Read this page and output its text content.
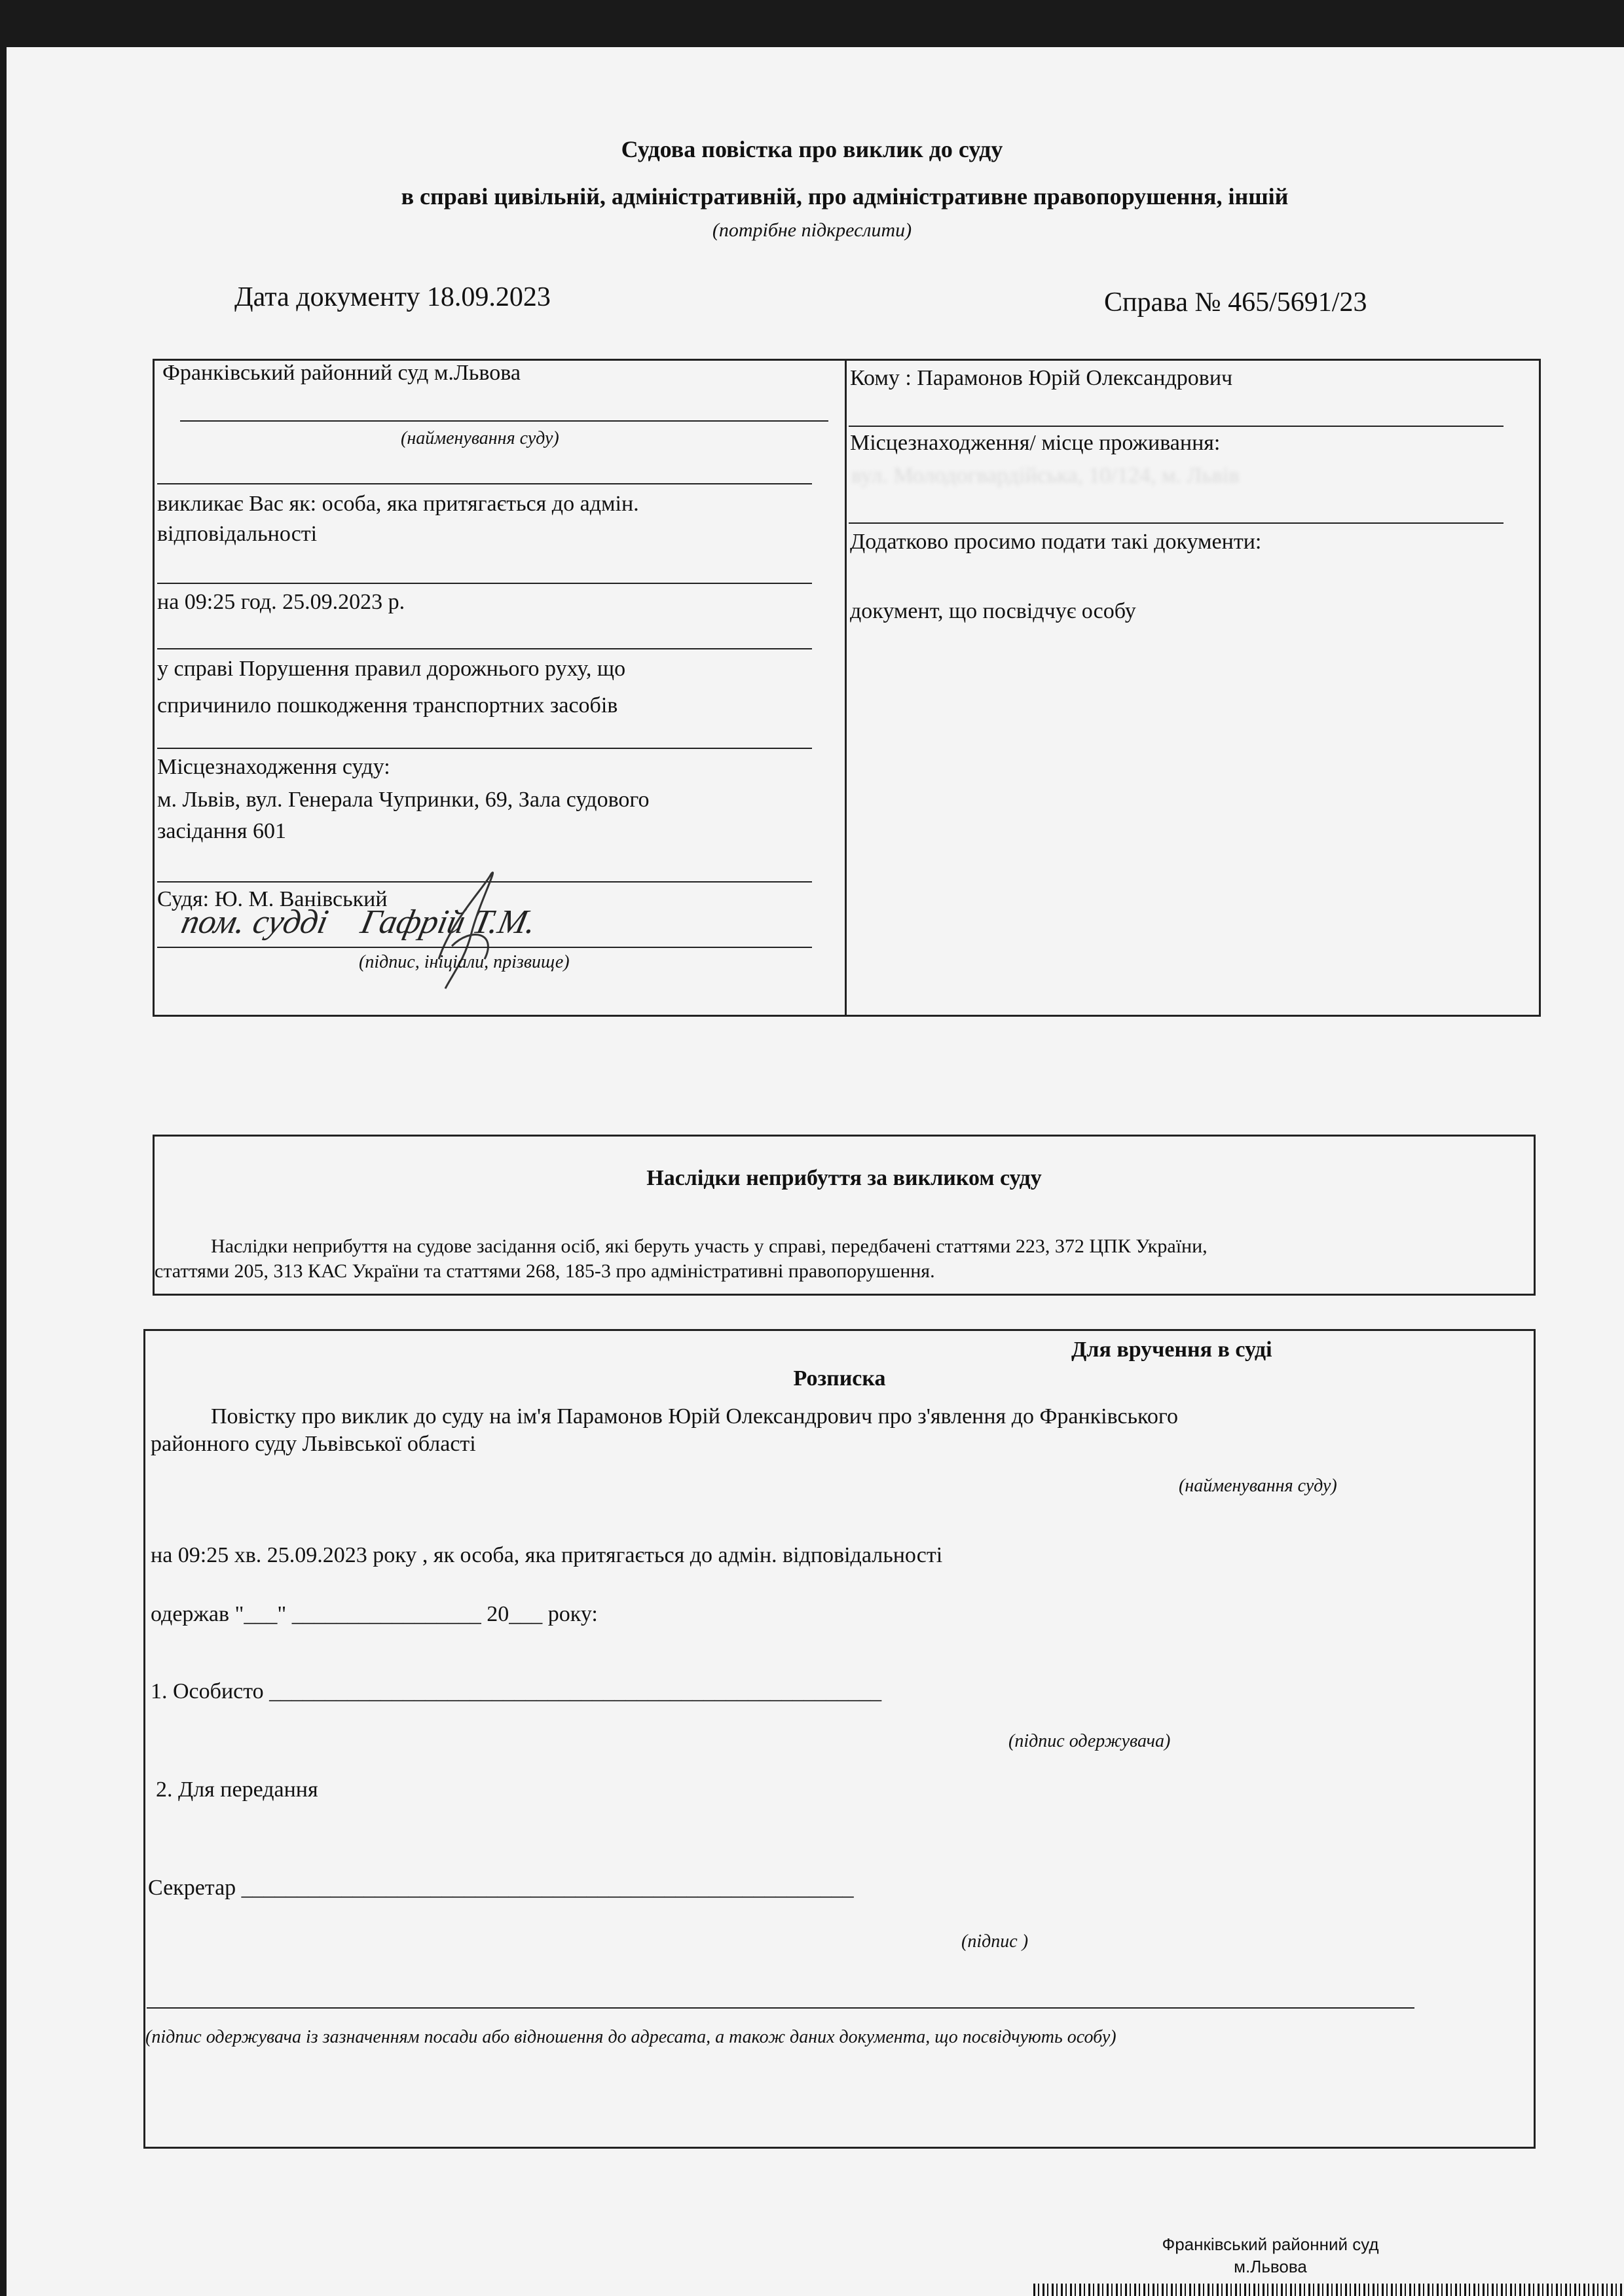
Судова повістка про виклик до суду
в справі цивільній, адміністративній, про адміністративне правопорушення, іншій
(потрібне підкреслити)
Дата документу 18.09.2023	Справа № 465/5691/23
Франківський районний суд м.Львова
(найменування суду)
викликає Вас як: особа, яка притягається до адмін.
відповідальності
на 09:25 год. 25.09.2023 р.
у справі Порушення правил дорожнього руху, що
спричинило пошкодження транспортних засобів
Місцезнаходження суду:
м. Львів, вул. Генерала Чупринки, 69, Зала судового
засідання 601
Судя: Ю. М. Ванівський
пом. судді    Гафрій Т.М.
(підпис, ініціали, прізвище)
Кому : Парамонов Юрій Олександрович
Місцезнаходження/ місце проживання:
вул. Молодогвардійська, 10/124, м. Львів
Додатково просимо подати такі документи:
документ, що посвідчує особу
Наслідки неприбуття за викликом суду
Наслідки неприбуття на судове засідання осіб, які беруть участь у справі, передбачені статтями 223, 372 ЦПК України,
статтями 205, 313 КАС України та статтями 268, 185-3 про адміністративні правопорушення.
Для вручення в суді
Розписка
Повістку про виклик до суду на ім'я Парамонов Юрій Олександрович про з'явлення до Франківського
районного суду Львівської області
(найменування суду)
на 09:25 хв. 25.09.2023 року , як особа, яка притягається до адмін. відповідальності
одержав "___" _________________ 20___ року:
1. Особисто _______________________________________________________
(підпис одержувача)
2. Для передання
Секретар _______________________________________________________
(підпис )
(підпис одержувача із зазначенням посади або відношення до адресата, а також даних документа, що посвідчують особу)
Франківський районний суд
м.Львова
